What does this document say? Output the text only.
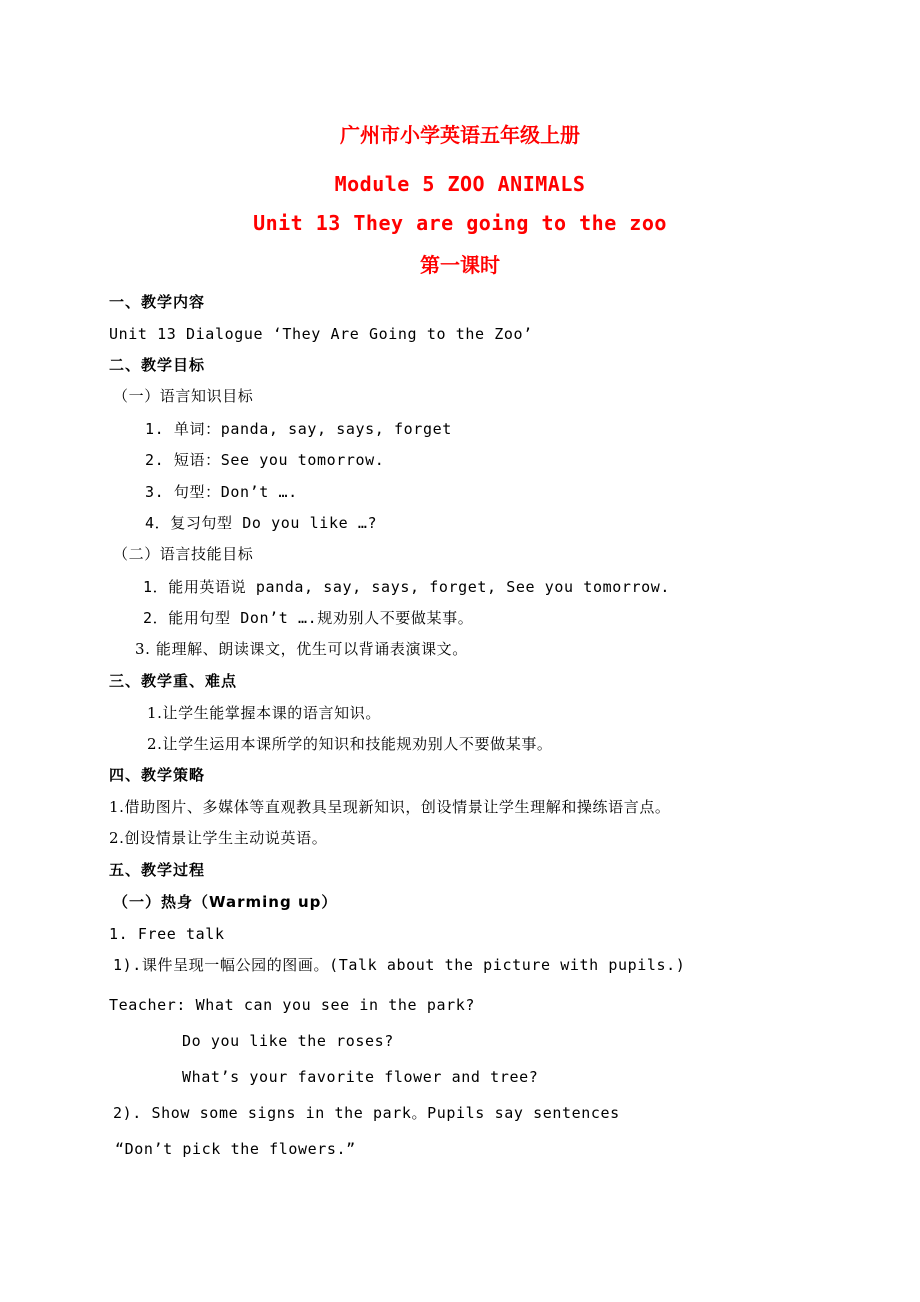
广州市小学英语五年级上册
Module 5 ZOO ANIMALS
Unit 13 They are going to the zoo
第一课时
一、教学内容
Unit 13 Dialogue ‘They Are Going to the Zoo’
二、教学目标
（一）语言知识目标
1. 单词：panda, say, says, forget
2. 短语：See you tomorrow.
3. 句型：Don’t ….
4．复习句型 Do you like …?
（二）语言技能目标
1．能用英语说 panda, say, says, forget, See you tomorrow.
2．能用句型 Don’t ….规劝别人不要做某事。
3. 能理解、朗读课文，优生可以背诵表演课文。
三、教学重、难点
1.让学生能掌握本课的语言知识。
2.让学生运用本课所学的知识和技能规劝别人不要做某事。
四、教学策略
1.借助图片、多媒体等直观教具呈现新知识，创设情景让学生理解和操练语言点。
2.创设情景让学生主动说英语。
五、教学过程
（一）热身（Warming up）
1. Free talk
1).课件呈现一幅公园的图画。(Talk about the picture with pupils.)
Teacher: What can you see in the park?
Do you like the roses?
What’s your favorite flower and tree?
2). Show some signs in the park。Pupils say sentences
“Don’t pick the flowers.”
